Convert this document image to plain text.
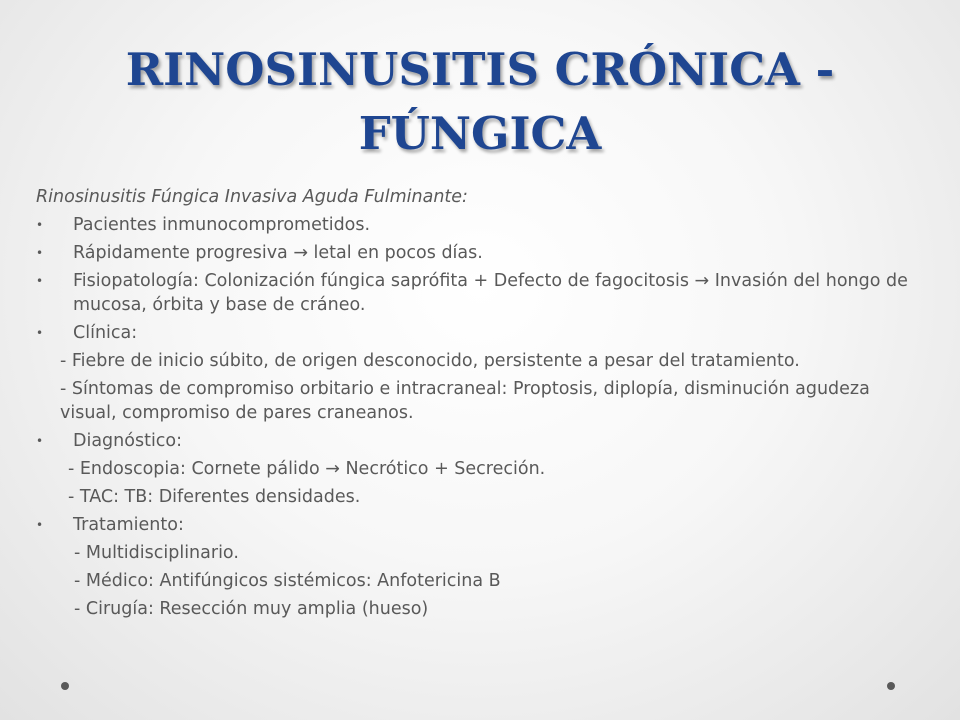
RINOSINUSITIS CRÓNICA - FÚNGICA

Rinosinusitis Fúngica Invasiva Aguda Fulminante:

• Pacientes inmunocomprometidos.
• Rápidamente progresiva → letal en pocos días.
• Fisiopatología: Colonización fúngica saprófita + Defecto de fagocitosis → Invasión del hongo de mucosa, órbita y base de cráneo.
• Clínica:

- Fiebre de inicio súbito, de origen desconocido, persistente a pesar del tratamiento.

- Síntomas de compromiso orbitario e intracraneal: Proptosis, diplopía, disminución agudeza visual, compromiso de pares craneanos.

• Diagnóstico:

- Endoscopia: Cornete pálido → Necrótico + Secreción.

- TAC: TB: Diferentes densidades.

• Tratamiento:

- Multidisciplinario.

- Médico: Antifúngicos sistémicos: Anfotericina B

- Cirugía: Resección muy amplia (hueso)
